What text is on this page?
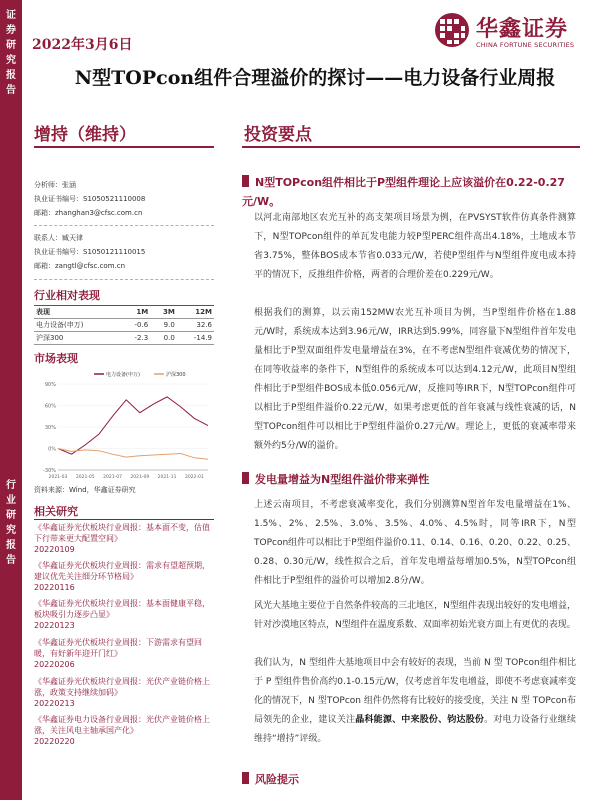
证
券
研
究
报
告
行
业
研
究
报
告
2022年3月6日
华鑫证券
CHINA FORTUNE SECURITIES
N型TOPcon组件合理溢价的探讨——电力设备行业周报
增持（维持）	投资要点
分析师：张涵
执业证书编号：S1050521110008
邮箱：zhanghan3@cfsc.com.cn
联系人：臧天律
执业证书编号：S1050121110015
邮箱：zangtl@cfsc.com.cn
行业相对表现
表现	1M	3M	12M
电力设备(申万)	-0.6	9.0	32.6
沪深300	-2.3	0.0	-14.9
市场表现
-30%
0%
30%
60%
90%
2021-03 2021-05 2021-07 2021-09 2021-11 2022-01
电力设备(申万)	沪深300
资料来源：Wind，华鑫证券研究
相关研究
《华鑫证券光伏板块行业周报：基本面不变，估值下行带来更大配置空间》
20220109
《华鑫证券光伏板块行业周报：需求有望超预期，建议优先关注细分环节格局》
20220116
《华鑫证券光伏板块行业周报：基本面健康平稳，板块吸引力逐步凸显》
20220123
《华鑫证券光伏板块行业周报：下游需求有望回暖，有好新年迎开门红》
20220206
《华鑫证券光伏板块行业周报：光伏产业链价格上涨，政策支持继续加码》
20220213
《华鑫证券电力设备行业周报：光伏产业链价格上涨，关注风电主轴承国产化》
20220220
N型TOPcon组件相比于P型组件理论上应该溢价在0.22-0.27元/W。
以河北南部地区农光互补的高支架项目场景为例，在PVSYST软件仿真条件测算下，N型TOPcon组件的单瓦发电能力较P型PERC组件高出4.18%，土地成本节省3.75%，整体BOS成本节省0.033元/W，若使P型组件与N型组件度电成本持平的情况下，反推组件价格，两者的合理价差在0.229元/W。
根据我们的测算，以云南152MW农光互补项目为例，当P型组件价格在1.88元/W时，系统成本达到3.96元/W，IRR达到5.99%，同容量下N型组件首年发电量相比于P型双面组件发电量增益在3%，在不考虑N型组件衰减优势的情况下，在同等收益率的条件下，N型组件的系统成本可以达到4.12元/W，此项目N型组件相比于P型组件BOS成本低0.056元/W，反推同等IRR下，N型TOPcon组件可以相比于P型组件溢价0.22元/W，如果考虑更低的首年衰减与线性衰减的话，N型TOPcon组件可以相比于P型组件溢价0.27元/W。理论上，更低的衰减率带来额外约5分/W的溢价。
发电量增益为N型组件溢价带来弹性
上述云南项目，不考虑衰减率变化，我们分别测算N型首年发电量增益在1%、1.5%、2%、2.5%、3.0%、3.5%、4.0%、4.5%时，同等IRR下，N型TOPcon组件可以相比于P型组件溢价0.11、0.14、0.16、0.20、0.22、0.25、0.28、0.30元/W，线性拟合之后，首年发电增益每增加0.5%，N型TOPcon组件相比于P型组件的溢价可以增加2.8分/W。
风光大基地主要位于自然条件较高的三北地区，N型组件表现出较好的发电增益，针对沙漠地区特点，N型组件在温度系数、双面率初始光衰方面上有更优的表现。
我们认为，N 型组件大基地项目中会有较好的表现，当前 N 型 TOPcon组件相比于 P 型组件售价高约0.1-0.15元/W，仅考虑首年发电增益，即使不考虑衰减率变化的情况下，N 型TOPcon 组件仍然将有比较好的接受度，关注 N 型 TOPcon布局领先的企业，建议关注晶科能源、中来股份、钧达股份。对电力设备行业继续维持“增持”评级。
风险提示
